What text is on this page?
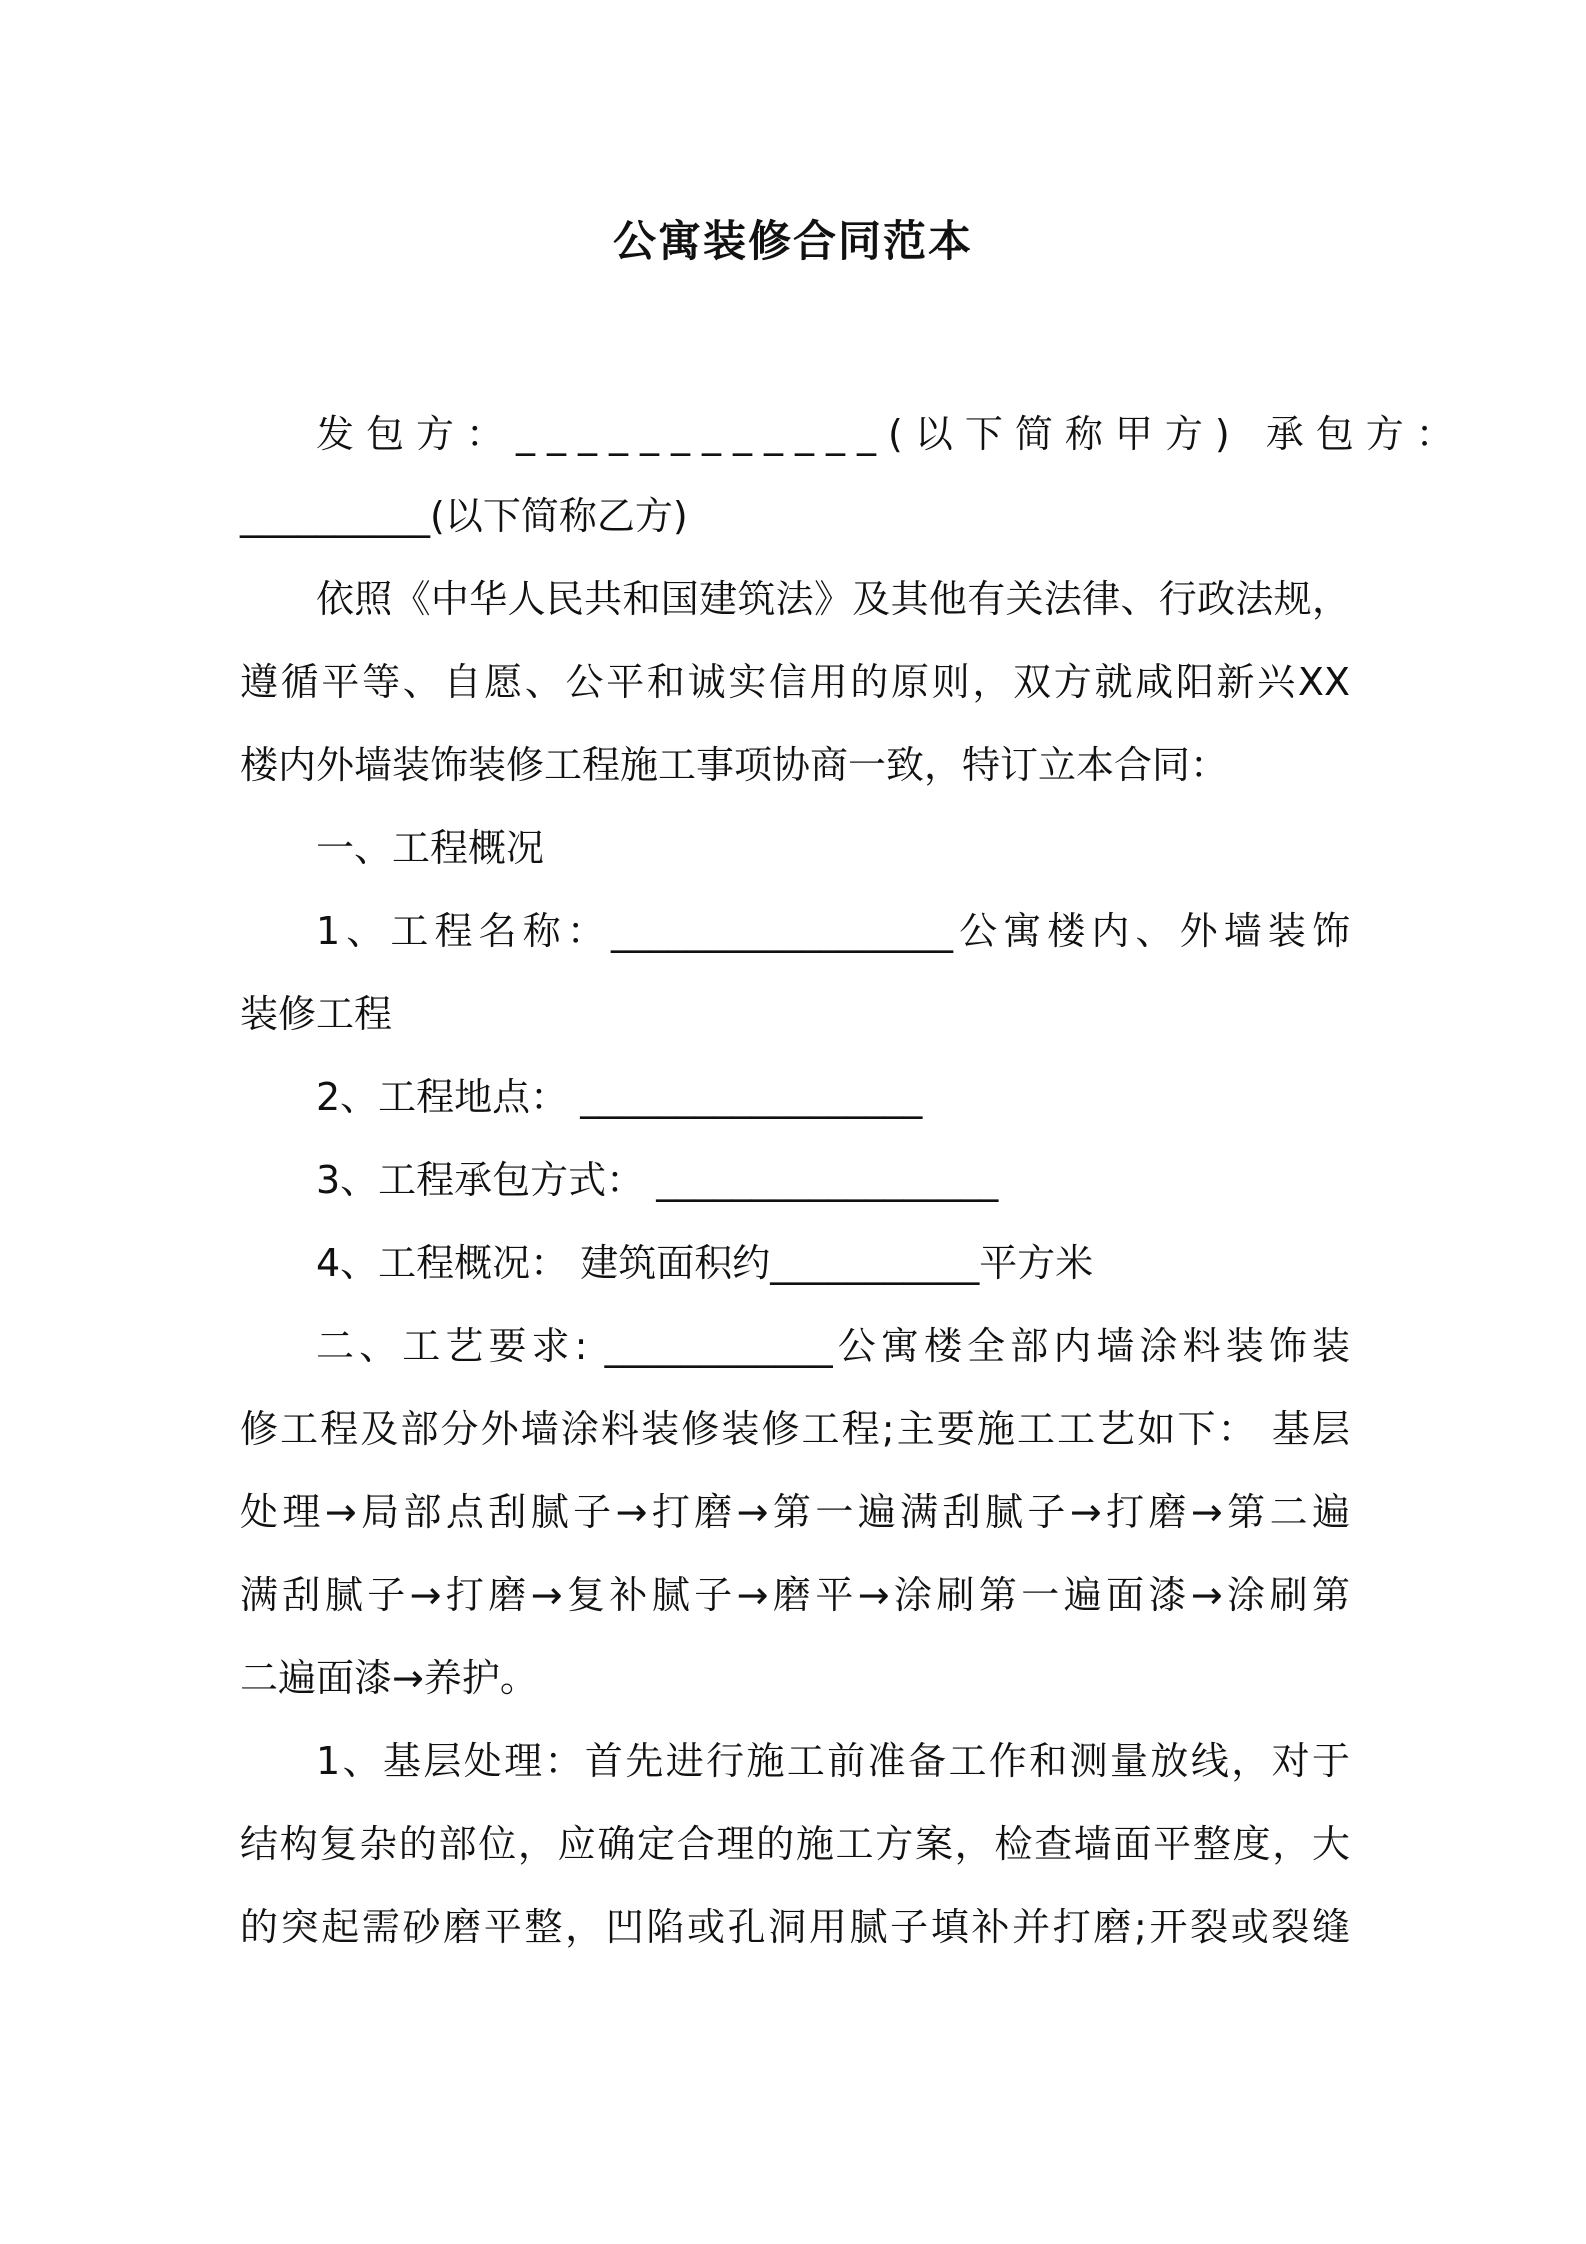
公寓装修合同范本
发包方：____________(以下简称甲方) 承包方：
__________(以下简称乙方)
依照《中华人民共和国建筑法》及其他有关法律、行政法规，
遵循平等、自愿、公平和诚实信用的原则，双方就咸阳新兴XX
楼内外墙装饰装修工程施工事项协商一致，特订立本合同：
一、工程概况
1、工程名称：__________________公寓楼内、外墙装饰
装修工程
2、工程地点： __________________
3、工程承包方式： __________________
4、工程概况： 建筑面积约___________平方米
二、工艺要求: ____________公寓楼全部内墙涂料装饰装
修工程及部分外墙涂料装修装修工程;主要施工工艺如下： 基层
处理→局部点刮腻子→打磨→第一遍满刮腻子→打磨→第二遍
满刮腻子→打磨→复补腻子→磨平→涂刷第一遍面漆→涂刷第
二遍面漆→养护。
1、基层处理：首先进行施工前准备工作和测量放线，对于
结构复杂的部位，应确定合理的施工方案，检查墙面平整度，大
的突起需砂磨平整，凹陷或孔洞用腻子填补并打磨;开裂或裂缝
